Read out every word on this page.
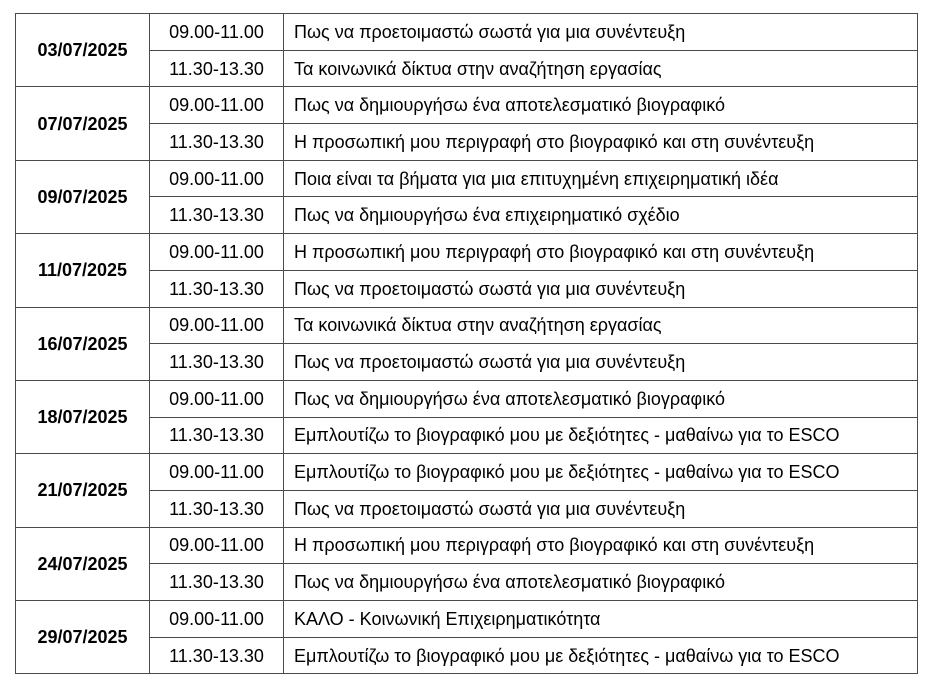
03/07/2025	09.00-11.00	Πως να προετοιμαστώ σωστά για μια συνέντευξη
	11.30-13.30	Τα κοινωνικά δίκτυα στην αναζήτηση εργασίας
07/07/2025	09.00-11.00	Πως να δημιουργήσω ένα αποτελεσματικό βιογραφικό
	11.30-13.30	Η προσωπική μου περιγραφή στο βιογραφικό και στη συνέντευξη
09/07/2025	09.00-11.00	Ποια είναι τα βήματα για μια επιτυχημένη επιχειρηματική ιδέα
	11.30-13.30	Πως να δημιουργήσω ένα επιχειρηματικό σχέδιο
11/07/2025	09.00-11.00	Η προσωπική μου περιγραφή στο βιογραφικό και στη συνέντευξη
	11.30-13.30	Πως να προετοιμαστώ σωστά για μια συνέντευξη
16/07/2025	09.00-11.00	Τα κοινωνικά δίκτυα στην αναζήτηση εργασίας
	11.30-13.30	Πως να προετοιμαστώ σωστά για μια συνέντευξη
18/07/2025	09.00-11.00	Πως να δημιουργήσω ένα αποτελεσματικό βιογραφικό
	11.30-13.30	Εμπλουτίζω το βιογραφικό μου με δεξιότητες - μαθαίνω για το ESCO
21/07/2025	09.00-11.00	Εμπλουτίζω το βιογραφικό μου με δεξιότητες - μαθαίνω για το ESCO
	11.30-13.30	Πως να προετοιμαστώ σωστά για μια συνέντευξη
24/07/2025	09.00-11.00	Η προσωπική μου περιγραφή στο βιογραφικό και στη συνέντευξη
	11.30-13.30	Πως να δημιουργήσω ένα αποτελεσματικό βιογραφικό
29/07/2025	09.00-11.00	ΚΑΛΟ - Κοινωνική Επιχειρηματικότητα
	11.30-13.30	Εμπλουτίζω το βιογραφικό μου με δεξιότητες - μαθαίνω για το ESCO
